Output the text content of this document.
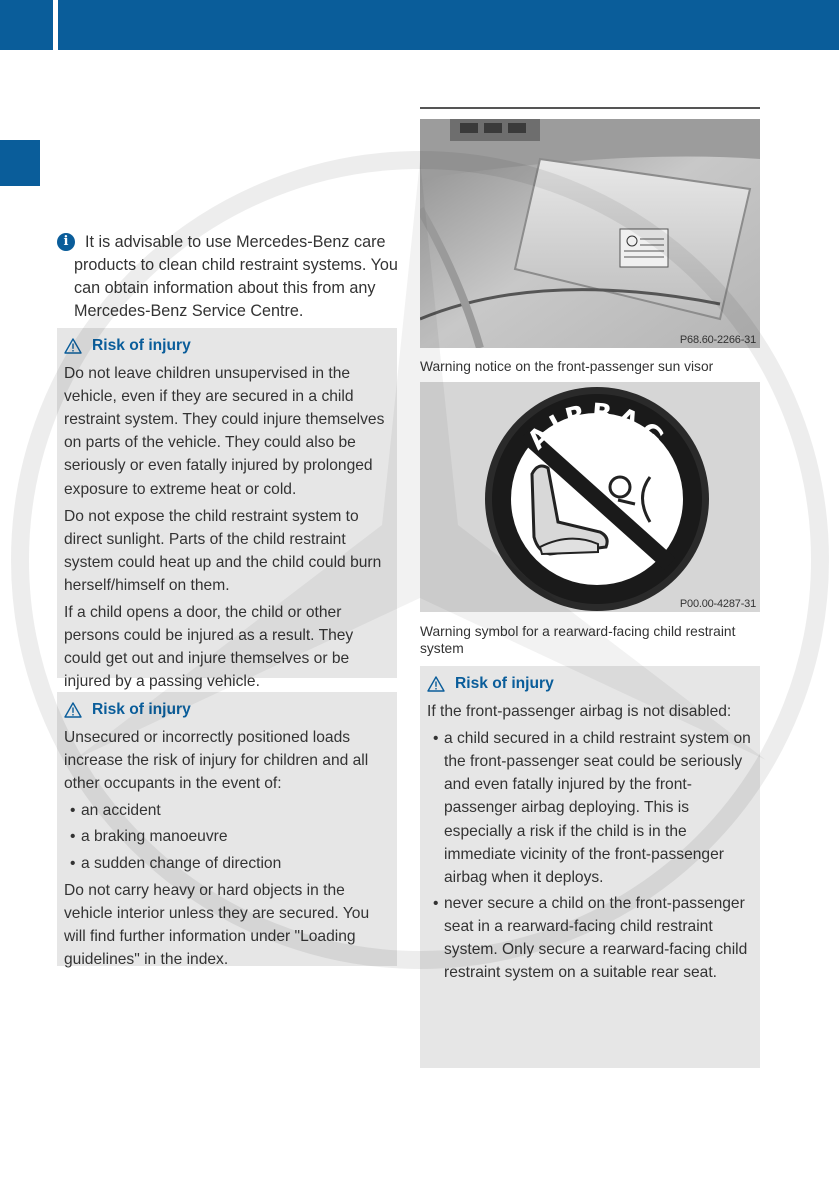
i	It is advisable to use Mercedes-Benz care products to clean child restraint systems. You can obtain information about this from any Mercedes-Benz Service Centre.
Risk of injury

Do not leave children unsupervised in the vehicle, even if they are secured in a child restraint system. They could injure themselves on parts of the vehicle. They could also be seriously or even fatally injured by prolonged exposure to extreme heat or cold.

Do not expose the child restraint system to direct sunlight. Parts of the child restraint system could heat up and the child could burn herself/himself on them.

If a child opens a door, the child or other persons could be injured as a result. They could get out and injure themselves or be injured by a passing vehicle.

Risk of injury

Unsecured or incorrectly positioned loads increase the risk of injury for children and all other occupants in the event of:

• an accident
• a braking manoeuvre
• a sudden change of direction

Do not carry heavy or hard objects in the vehicle interior unless they are secured. You will find further information under "Loading guidelines" in the index.

P68.60-2266-31
Warning notice on the front-passenger sun visor
AIRBAG
P00.00-4287-31
Warning symbol for a rearward-facing child restraint system
Risk of injury

If the front-passenger airbag is not disabled:

• a child secured in a child restraint system on the front-passenger seat could be seriously and even fatally injured by the front-passenger airbag deploying. This is especially a risk if the child is in the immediate vicinity of the front-passenger airbag when it deploys.
• never secure a child on the front-passenger seat in a rearward-facing child restraint system. Only secure a rearward-facing child restraint system on a suitable rear seat.
